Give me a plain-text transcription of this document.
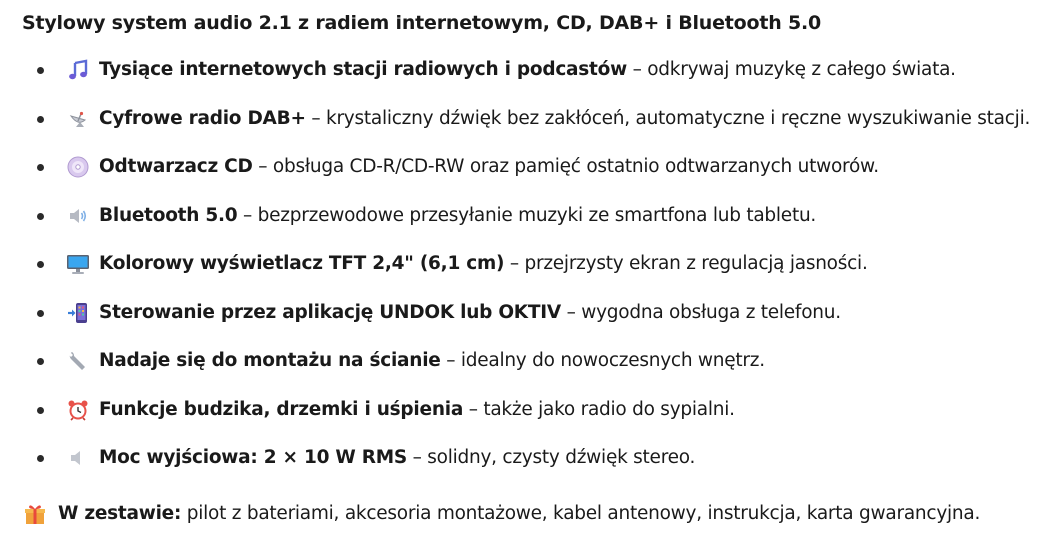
Stylowy system audio 2.1 z radiem internetowym, CD, DAB+ i Bluetooth 5.0
Tysiące internetowych stacji radiowych i podcastów – odkrywaj muzykę z całego świata.
Cyfrowe radio DAB+ – krystaliczny dźwięk bez zakłóceń, automatyczne i ręczne wyszukiwanie stacji.
Odtwarzacz CD – obsługa CD-R/CD-RW oraz pamięć ostatnio odtwarzanych utworów.
Bluetooth 5.0 – bezprzewodowe przesyłanie muzyki ze smartfona lub tabletu.
Kolorowy wyświetlacz TFT 2,4" (6,1 cm) – przejrzysty ekran z regulacją jasności.
Sterowanie przez aplikację UNDOK lub OKTIV – wygodna obsługa z telefonu.
Nadaje się do montażu na ścianie – idealny do nowoczesnych wnętrz.
Funkcje budzika, drzemki i uśpienia – także jako radio do sypialni.
Moc wyjściowa: 2 × 10 W RMS – solidny, czysty dźwięk stereo.
W zestawie: pilot z bateriami, akcesoria montażowe, kabel antenowy, instrukcja, karta gwarancyjna.
